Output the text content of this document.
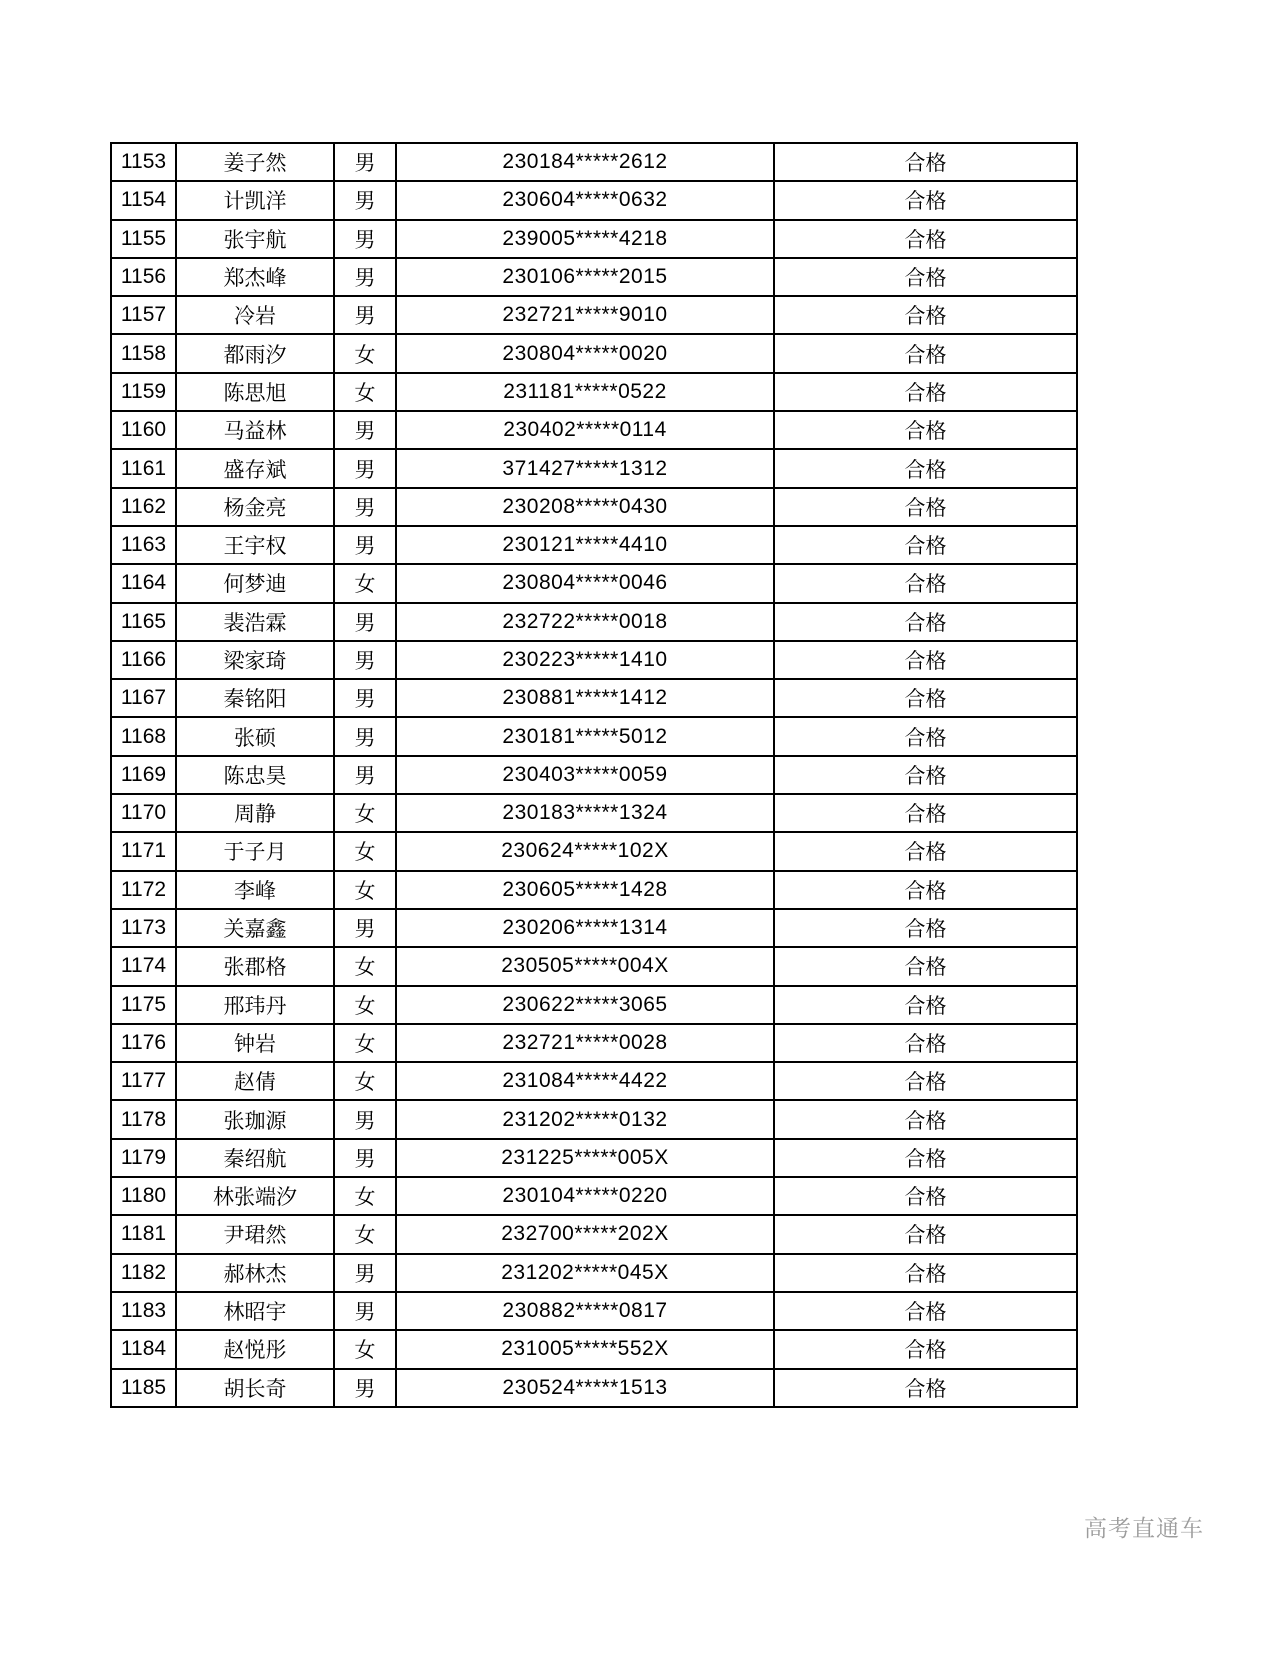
1153	姜子然	男	230184*****2612	合格
1154	计凯洋	男	230604*****0632	合格
1155	张宇航	男	239005*****4218	合格
1156	郑杰峰	男	230106*****2015	合格
1157	冷岩	男	232721*****9010	合格
1158	都雨汐	女	230804*****0020	合格
1159	陈思旭	女	231181*****0522	合格
1160	马益林	男	230402*****0114	合格
1161	盛存斌	男	371427*****1312	合格
1162	杨金亮	男	230208*****0430	合格
1163	王宇权	男	230121*****4410	合格
1164	何梦迪	女	230804*****0046	合格
1165	裴浩霖	男	232722*****0018	合格
1166	梁家琦	男	230223*****1410	合格
1167	秦铭阳	男	230881*****1412	合格
1168	张硕	男	230181*****5012	合格
1169	陈忠昊	男	230403*****0059	合格
1170	周静	女	230183*****1324	合格
1171	于子月	女	230624*****102X	合格
1172	李峰	女	230605*****1428	合格
1173	关嘉鑫	男	230206*****1314	合格
1174	张郡格	女	230505*****004X	合格
1175	邢玮丹	女	230622*****3065	合格
1176	钟岩	女	232721*****0028	合格
1177	赵倩	女	231084*****4422	合格
1178	张珈源	男	231202*****0132	合格
1179	秦绍航	男	231225*****005X	合格
1180	林张端汐	女	230104*****0220	合格
1181	尹珺然	女	232700*****202X	合格
1182	郝林杰	男	231202*****045X	合格
1183	林昭宇	男	230882*****0817	合格
1184	赵悦彤	女	231005*****552X	合格
1185	胡长奇	男	230524*****1513	合格
高考直通车
